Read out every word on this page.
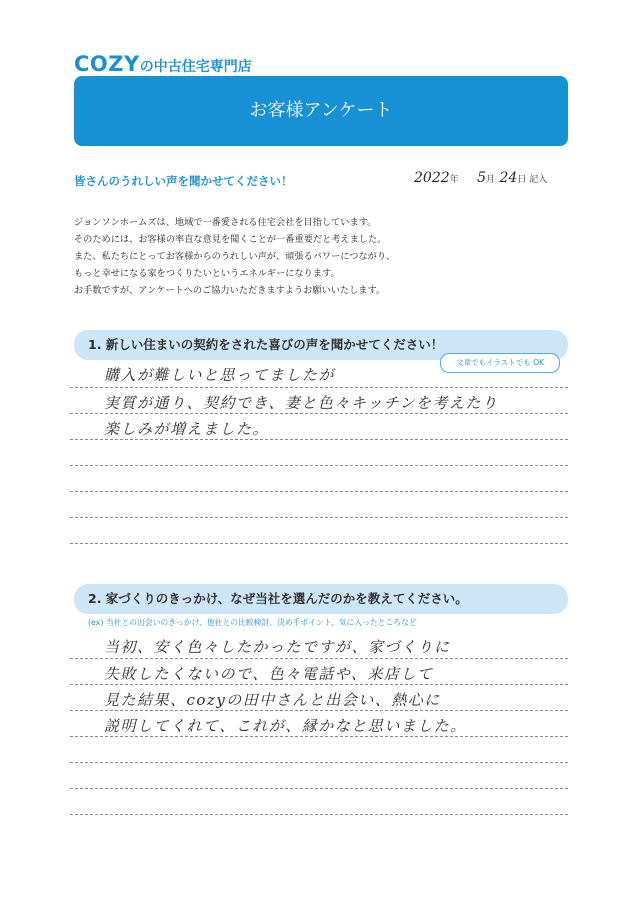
COZYの中古住宅専門店
お客様アンケート
皆さんのうれしい声を聞かせてください！	2022年 5月 24日 記入
ジョンソンホームズは、地域で一番愛される住宅会社を目指しています。
そのためには、お客様の率直な意見を聞くことが一番重要だと考えました。
また、私たちにとってお客様からのうれしい声が、頑張るパワーにつながり、
もっと幸せになる家をつくりたいというエネルギーになります。
お手数ですが、アンケートへのご協力いただきますようお願いいたします。
1. 新しい住まいの契約をされた喜びの声を聞かせてください！
文章でもイラストでも OK
購入が難しいと思ってましたが
実質が通り、契約でき、妻と色々キッチンを考えたり
楽しみが増えました。
2. 家づくりのきっかけ、なぜ当社を選んだのかを教えてください。
(ex) 当社との出会いのきっかけ、他社との比較検討、決め手ポイント、気に入ったところなど
当初、安く色々したかったですが、家づくりに
失敗したくないので、色々電話や、来店して
見た結果、cozyの田中さんと出会い、熱心に
説明してくれて、これが、縁かなと思いました。
